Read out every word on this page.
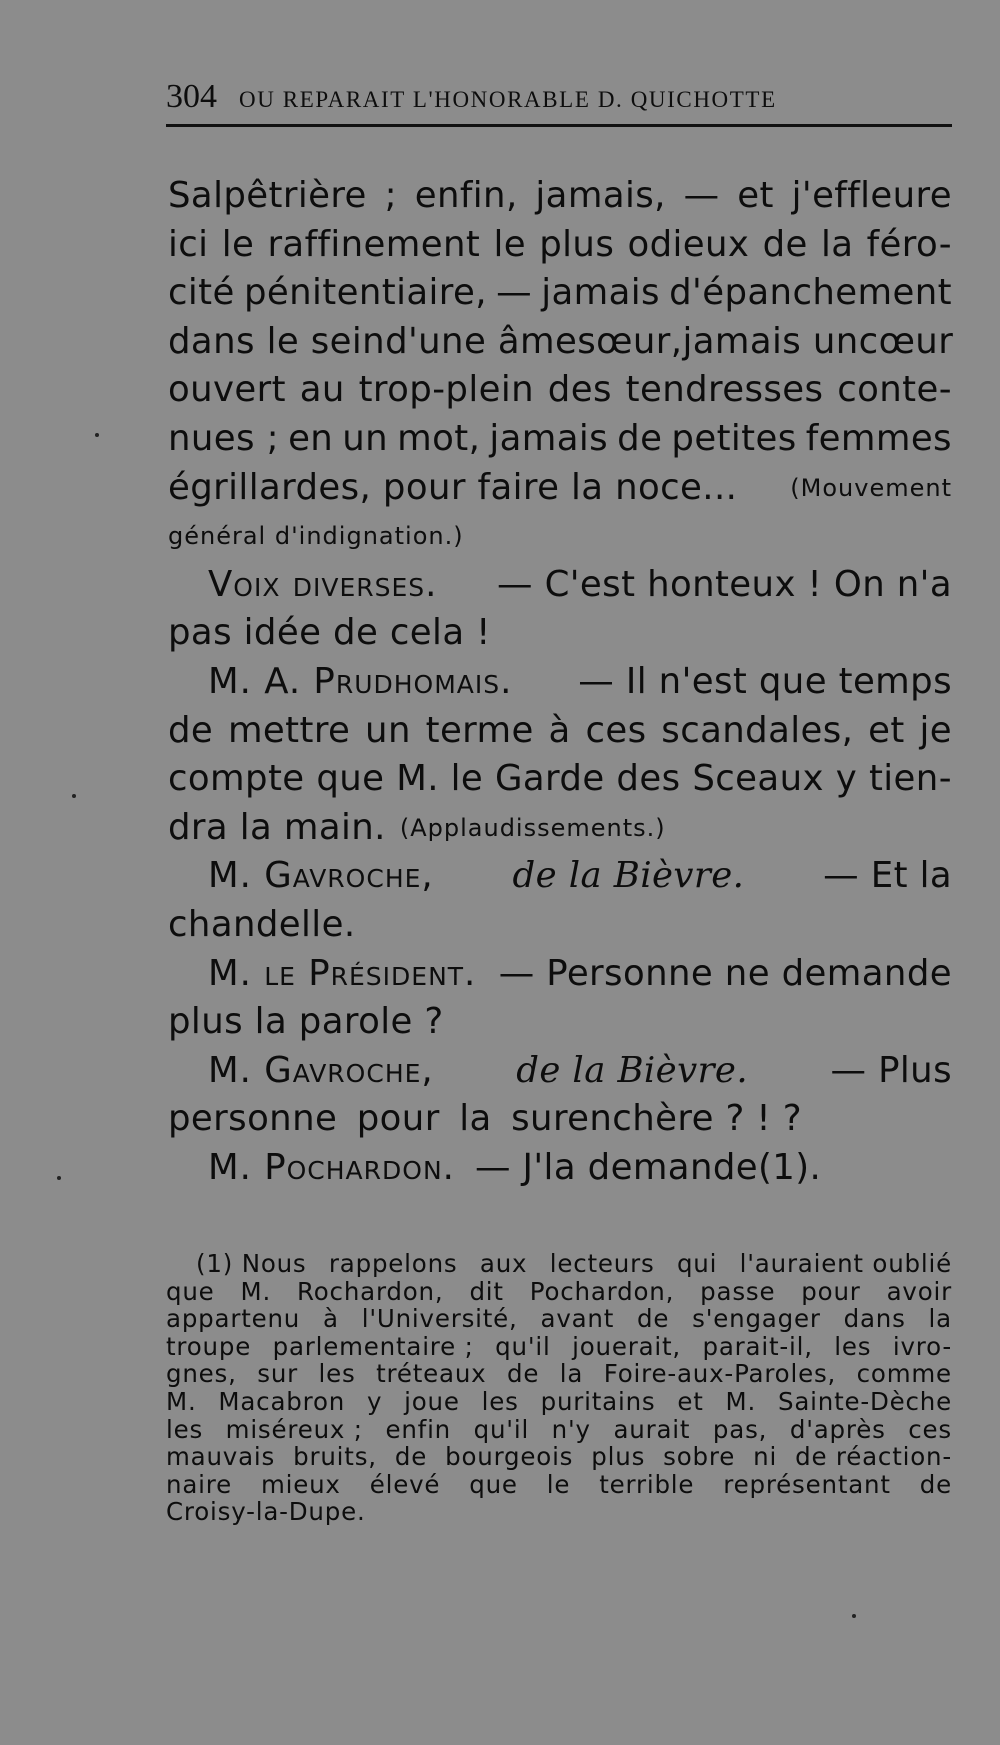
304 OU REPARAIT L'HONORABLE D. QUICHOTTE
Salpêtrière ; enfin, jamais, — et j'effleure
ici le raffinement le plus odieux de la féro-
cité pénitentiaire, — jamais d'épanchement
dans le sein d'une âme sœur, jamais un cœur
ouvert au trop-plein des tendresses conte-
nues ; en un mot, jamais de petites femmes
égrillardes, pour faire la noce... (Mouvement
général d'indignation.)
Voix diverses. — C'est honteux ! On n'a
pas idée de cela !
M. A. Prudhomais. — Il n'est que temps
de mettre un terme à ces scandales, et je
compte que M. le Garde des Sceaux y tien-
dra la main. (Applaudissements.)
M. Gavroche, de la Bièvre. — Et la
chandelle.
M. le Président. — Personne ne demande
plus la parole ?
M. Gavroche, de la Bièvre. — Plus
personne pour la surenchère ? ! ?
M. Pochardon. — J'la demande(1).
(1) Nous rappelons aux lecteurs qui l'auraient oublié
que M. Rochardon, dit Pochardon, passe pour avoir
appartenu à l'Université, avant de s'engager dans la
troupe parlementaire ; qu'il jouerait, parait-il, les ivro-
gnes, sur les tréteaux de la Foire-aux-Paroles, comme
M. Macabron y joue les puritains et M. Sainte-Dèche
les miséreux ; enfin qu'il n'y aurait pas, d'après ces
mauvais bruits, de bourgeois plus sobre ni de réaction-
naire mieux élevé que le terrible représentant de
Croisy-la-Dupe.
